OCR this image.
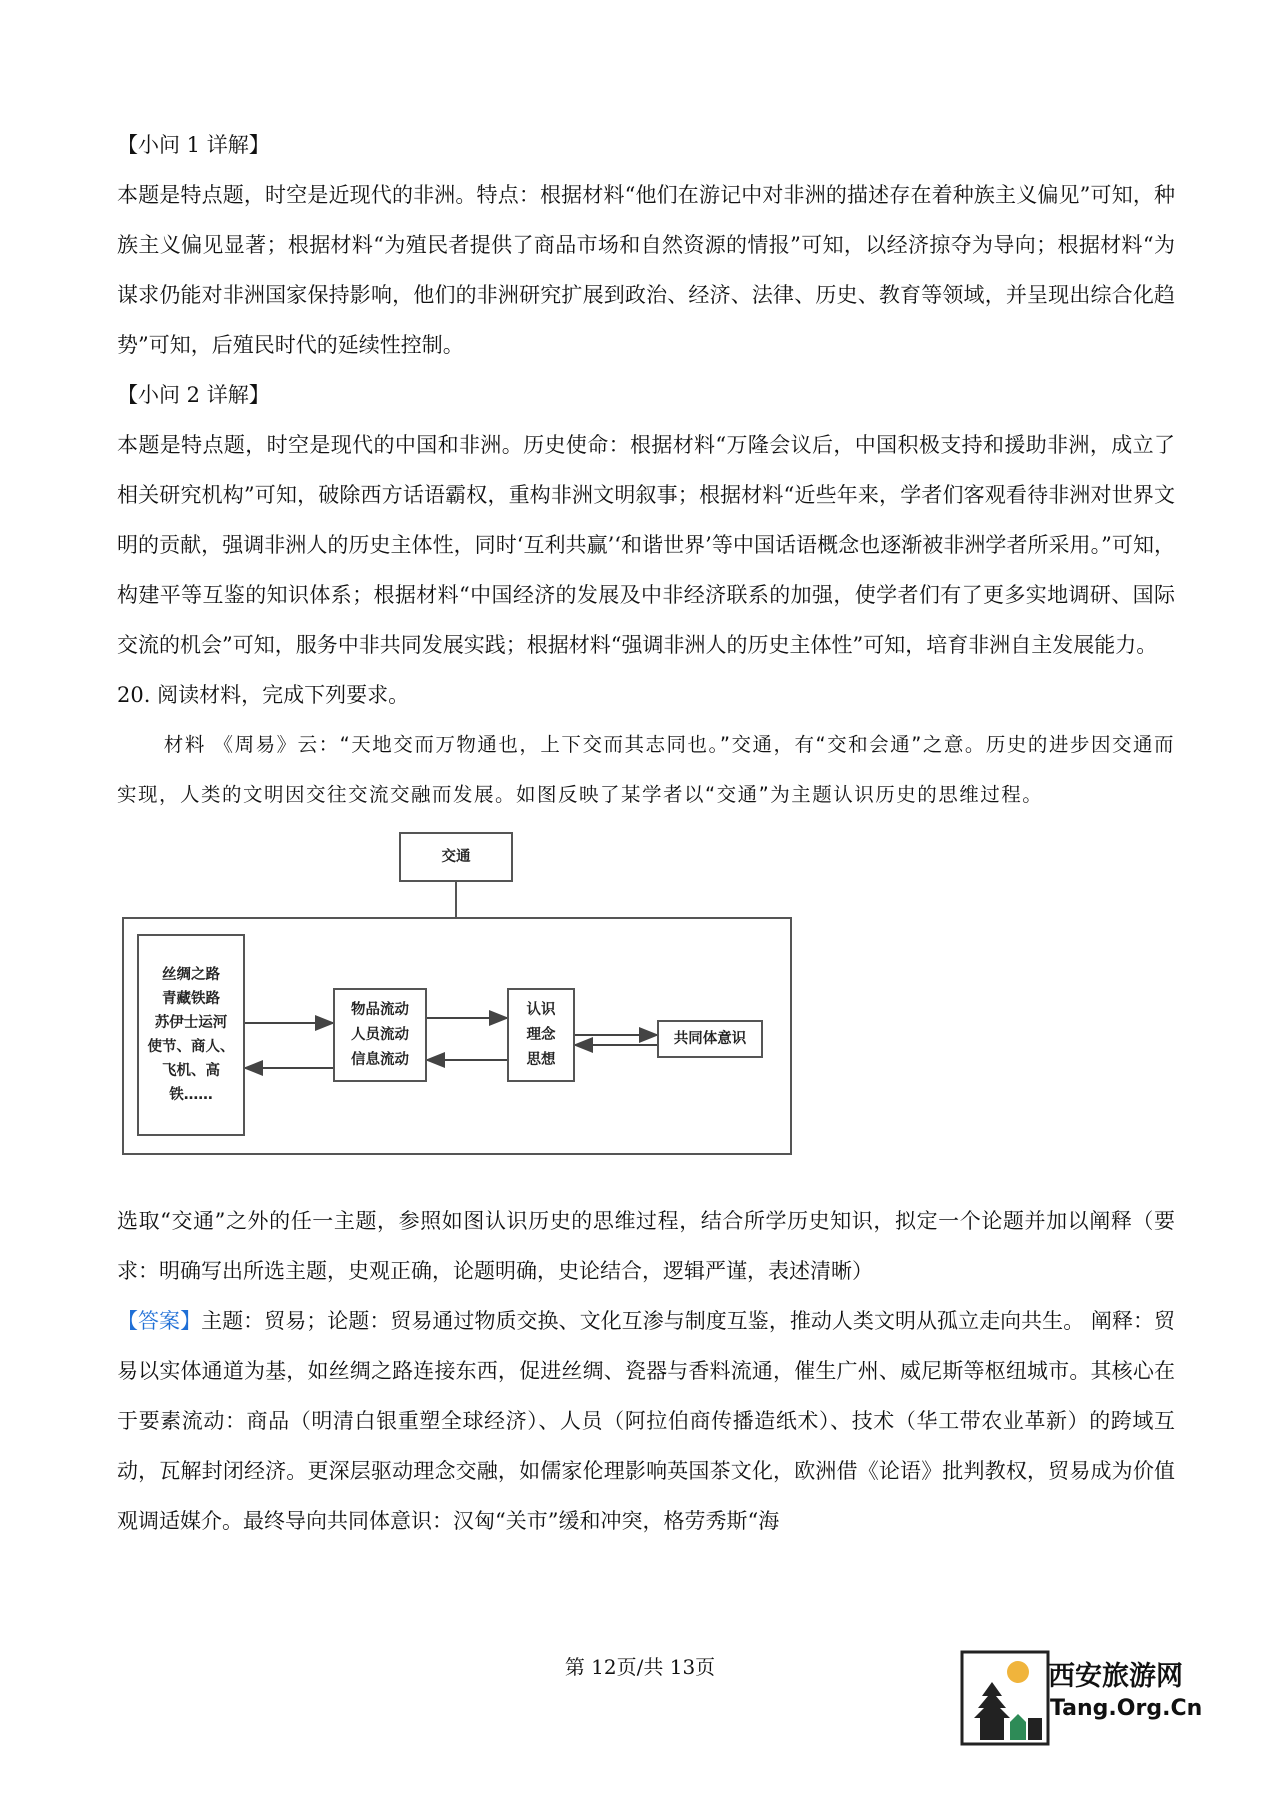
【小问 1 详解】

本题是特点题，时空是近现代的非洲。特点：根据材料“他们在游记中对非洲的描述存在着种族主义偏见”可知，种族主义偏见显著；根据材料“为殖民者提供了商品市场和自然资源的情报”可知，以经济掠夺为导向；根据材料“为谋求仍能对非洲国家保持影响，他们的非洲研究扩展到政治、经济、法律、历史、教育等领域，并呈现出综合化趋势”可知，后殖民时代的延续性控制。

【小问 2 详解】

本题是特点题，时空是现代的中国和非洲。历史使命：根据材料“万隆会议后，中国积极支持和援助非洲，成立了相关研究机构”可知，破除西方话语霸权，重构非洲文明叙事；根据材料“近些年来，学者们客观看待非洲对世界文明的贡献，强调非洲人的历史主体性，同时‘互利共赢’‘和谐世界’等中国话语概念也逐渐被非洲学者所采用。”可知，构建平等互鉴的知识体系；根据材料“中国经济的发展及中非经济联系的加强，使学者们有了更多实地调研、国际交流的机会”可知，服务中非共同发展实践；根据材料“强调非洲人的历史主体性”可知，培育非洲自主发展能力。

20. 阅读材料，完成下列要求。

材料 《周易》云：“天地交而万物通也，上下交而其志同也。”交通，有“交和会通”之意。历史的进步因交通而实现，人类的文明因交往交流交融而发展。如图反映了某学者以“交通”为主题认识历史的思维过程。

交通
丝绸之路
青藏铁路
苏伊士运河
使节、商人、
飞机、高
铁……
物品流动
人员流动
信息流动
认识
理念
思想
共同体意识

选取“交通”之外的任一主题，参照如图认识历史的思维过程，结合所学历史知识，拟定一个论题并加以阐释（要求：明确写出所选主题，史观正确，论题明确，史论结合，逻辑严谨，表述清晰）

【答案】主题：贸易；论题：贸易通过物质交换、文化互渗与制度互鉴，推动人类文明从孤立走向共生。 阐释：贸易以实体通道为基，如丝绸之路连接东西，促进丝绸、瓷器与香料流通，催生广州、威尼斯等枢纽城市。其核心在于要素流动：商品（明清白银重塑全球经济）、人员（阿拉伯商传播造纸术）、技术（华工带农业革新）的跨域互动，瓦解封闭经济。更深层驱动理念交融，如儒家伦理影响英国茶文化，欧洲借《论语》批判教权，贸易成为价值观调适媒介。最终导向共同体意识：汉匈“关市”缓和冲突，格劳秀斯“海

第 12页/共 13页	西安旅游网
Tang.Org.Cn
